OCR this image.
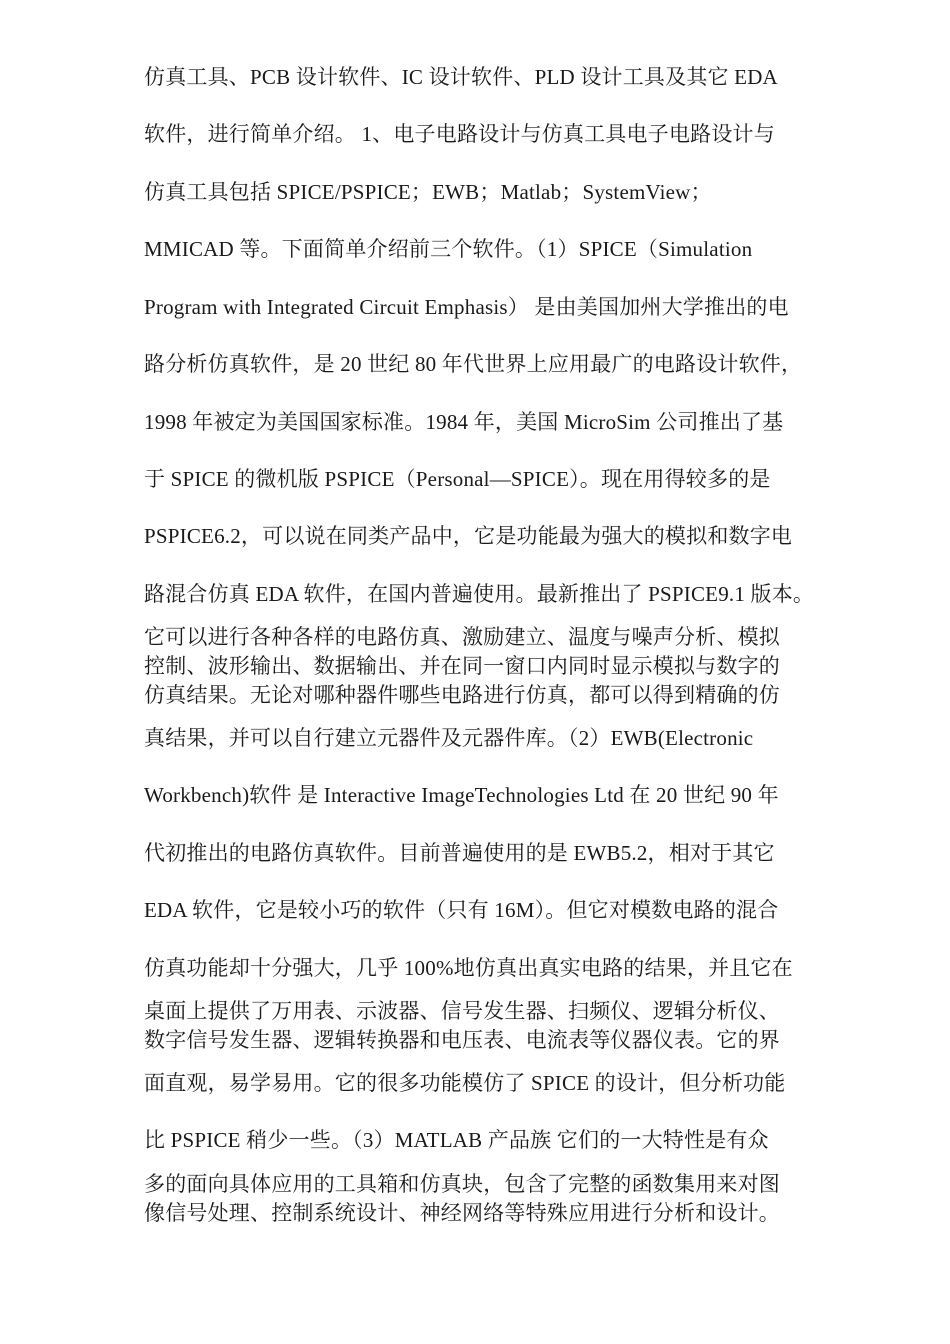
仿真工具、PCB 设计软件、IC 设计软件、PLD 设计工具及其它 EDA
软件，进行简单介绍。 1、电子电路设计与仿真工具电子电路设计与
仿真工具包括 SPICE/PSPICE；EWB；Matlab；SystemView；
MMICAD 等。下面简单介绍前三个软件。（1）SPICE（Simulation
Program with Integrated Circuit Emphasis） 是由美国加州大学推出的电
路分析仿真软件，是 20 世纪 80 年代世界上应用最广的电路设计软件，
1998 年被定为美国国家标准。1984 年，美国 MicroSim 公司推出了基
于 SPICE 的微机版 PSPICE（Personal—SPICE）。现在用得较多的是
PSPICE6.2，可以说在同类产品中，它是功能最为强大的模拟和数字电
路混合仿真 EDA 软件，在国内普遍使用。最新推出了 PSPICE9.1 版本。
它可以进行各种各样的电路仿真、激励建立、温度与噪声分析、模拟
控制、波形输出、数据输出、并在同一窗口内同时显示模拟与数字的
仿真结果。无论对哪种器件哪些电路进行仿真，都可以得到精确的仿
真结果，并可以自行建立元器件及元器件库。（2）EWB(Electronic
Workbench)软件 是 Interactive ImageTechnologies Ltd 在 20 世纪 90 年
代初推出的电路仿真软件。目前普遍使用的是 EWB5.2，相对于其它
EDA 软件，它是较小巧的软件（只有 16M）。但它对模数电路的混合
仿真功能却十分强大，几乎 100%地仿真出真实电路的结果，并且它在
桌面上提供了万用表、示波器、信号发生器、扫频仪、逻辑分析仪、
数字信号发生器、逻辑转换器和电压表、电流表等仪器仪表。它的界
面直观，易学易用。它的很多功能模仿了 SPICE 的设计，但分析功能
比 PSPICE 稍少一些。（3）MATLAB 产品族 它们的一大特性是有众
多的面向具体应用的工具箱和仿真块，包含了完整的函数集用来对图
像信号处理、控制系统设计、神经网络等特殊应用进行分析和设计。
